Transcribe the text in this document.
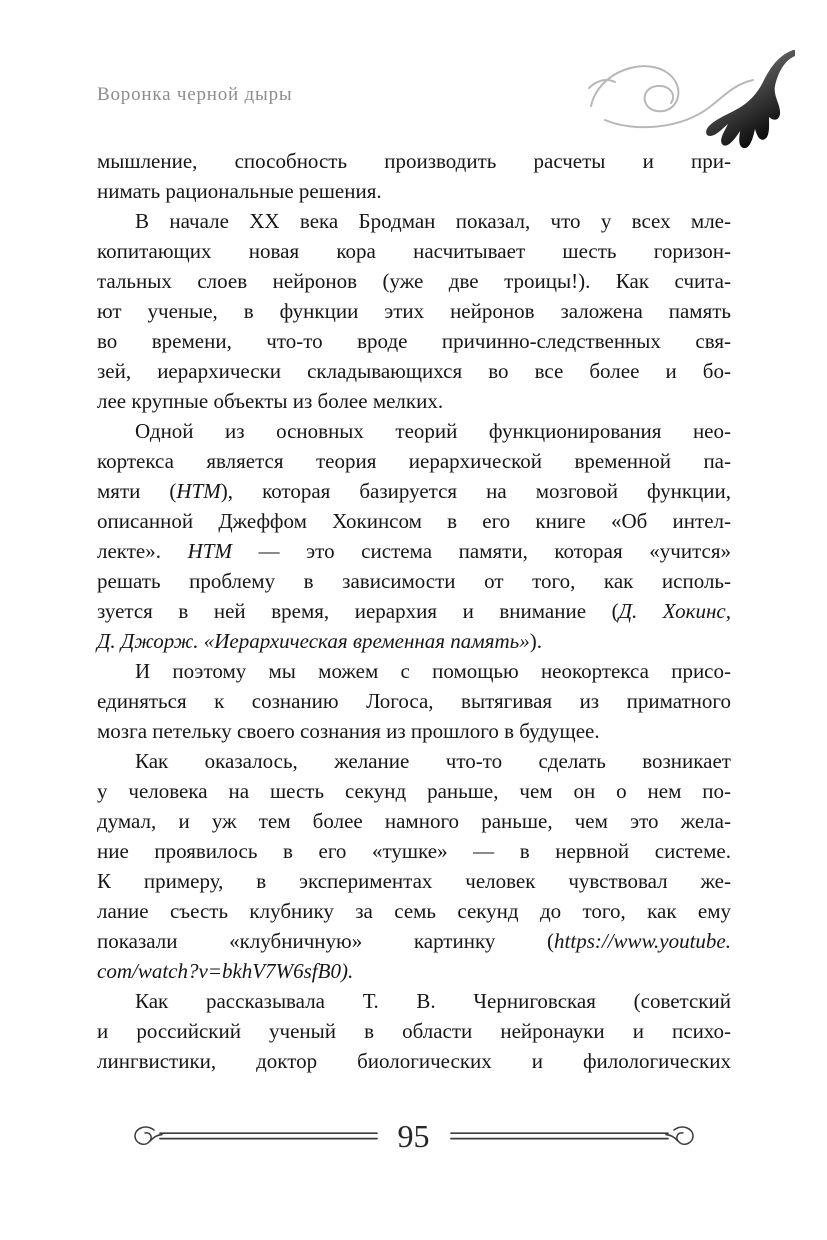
Воронка черной дыры
мышление, способность производить расчеты и при-
нимать рациональные решения.
В начале XX века Бродман показал, что у всех мле-
копитающих новая кора насчитывает шесть горизон-
тальных слоев нейронов (уже две троицы!). Как счита-
ют ученые, в функции этих нейронов заложена память
во времени, что-то вроде причинно-следственных свя-
зей, иерархически складывающихся во все более и бо-
лее крупные объекты из более мелких.
Одной из основных теорий функционирования нео-
кортекса является теория иерархической временной па-
мяти (HTM), которая базируется на мозговой функции,
описанной Джеффом Хокинсом в его книге «Об интел-
лекте». HTM — это система памяти, которая «учится»
решать проблему в зависимости от того, как исполь-
зуется в ней время, иерархия и внимание (Д. Хокинс,
Д. Джорж. «Иерархическая временная память»).
И поэтому мы можем с помощью неокортекса присо-
единяться к сознанию Логоса, вытягивая из приматного
мозга петельку своего сознания из прошлого в будущее.
Как оказалось, желание что-то сделать возникает
у человека на шесть секунд раньше, чем он о нем по-
думал, и уж тем более намного раньше, чем это жела-
ние проявилось в его «тушке» — в нервной системе.
К примеру, в экспериментах человек чувствовал же-
лание съесть клубнику за семь секунд до того, как ему
показали «клубничную» картинку (https://www.youtube.
com/watch?v=bkhV7W6sfB0).
Как рассказывала Т. В. Черниговская (советский
и российский ученый в области нейронауки и психо-
лингвистики, доктор биологических и филологических
95
